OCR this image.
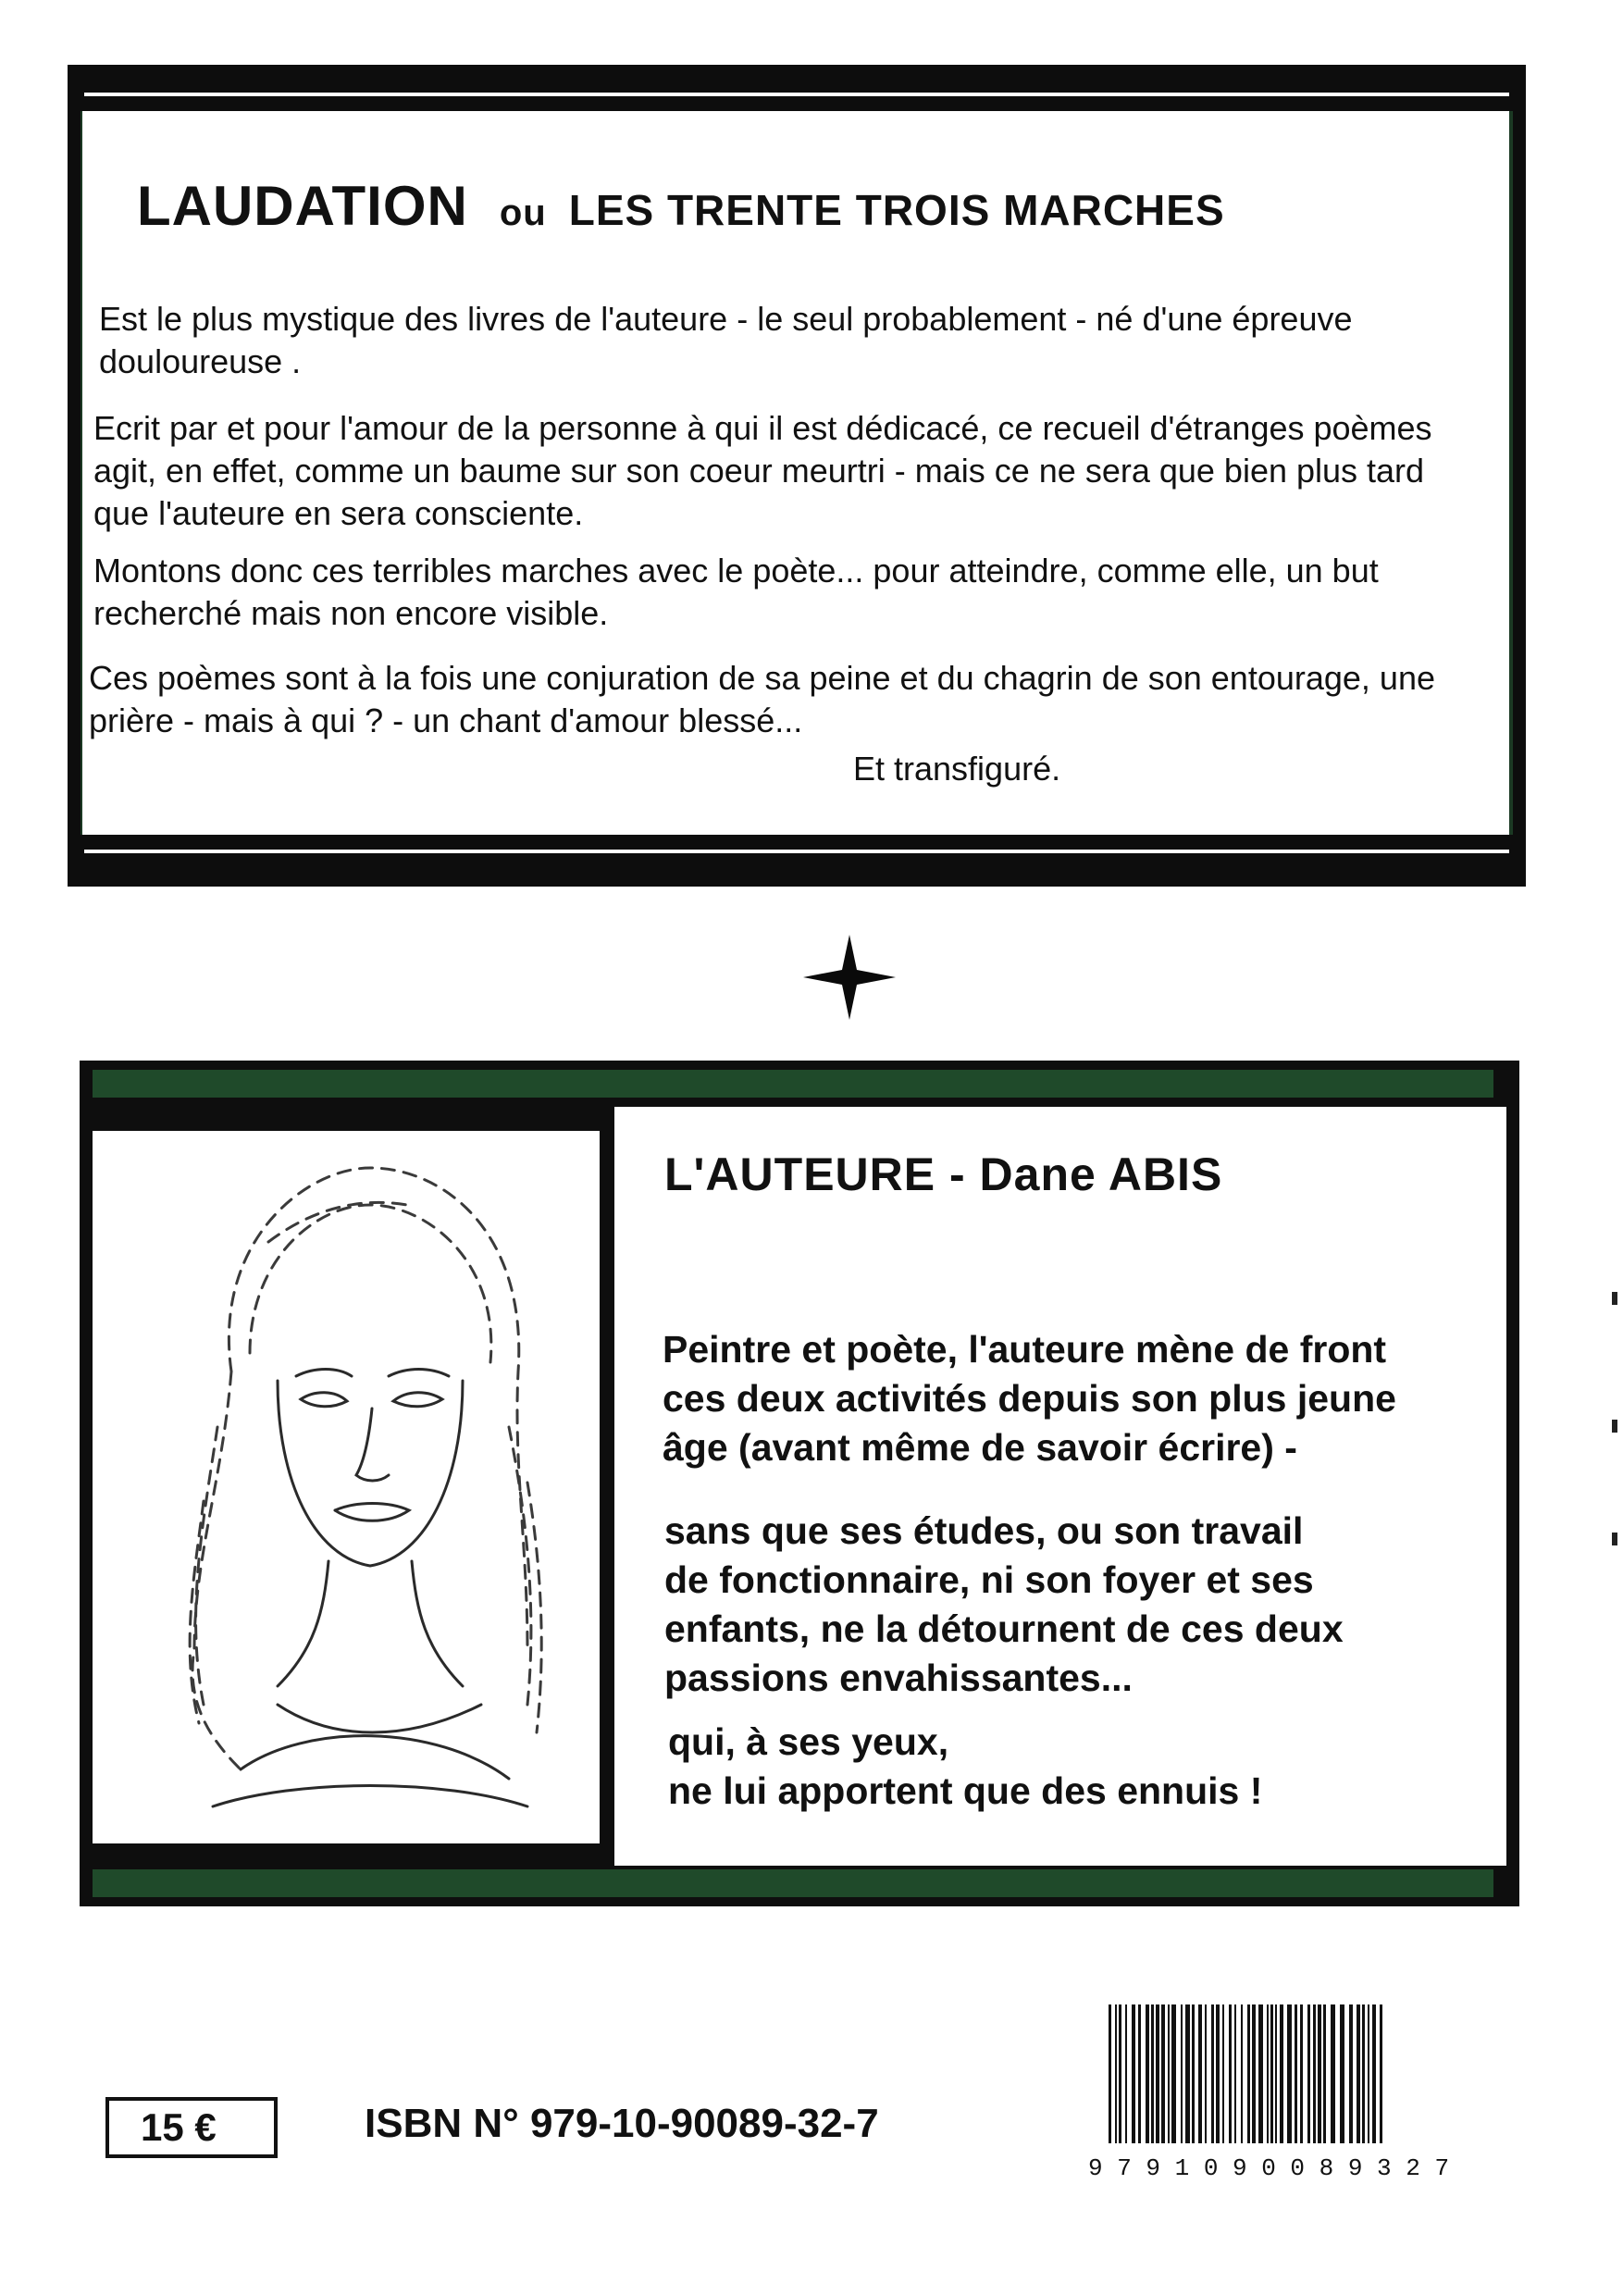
LAUDATION ou LES TRENTE TROIS MARCHES

Est le plus mystique des livres de l'auteure - le seul probablement - né d'une épreuve
douloureuse .

Ecrit par et pour l'amour de la personne à qui il est dédicacé, ce recueil d'étranges poèmes
agit, en effet, comme un baume sur son coeur meurtri - mais ce ne sera que bien plus tard
que l'auteure en sera consciente.

Montons donc ces terribles marches avec le poète... pour atteindre, comme elle, un but
recherché mais non encore visible.

Ces poèmes sont à la fois une conjuration de sa peine et du chagrin de son entourage, une
prière - mais à qui ? - un chant d'amour blessé...

Et transfiguré.

L'AUTEURE - Dane ABIS

Peintre et poète, l'auteure mène de front
ces deux activités depuis son plus jeune
âge (avant même de savoir écrire) -

sans que ses études, ou son travail
de fonctionnaire, ni son foyer et ses
enfants, ne la détournent de ces deux
passions envahissantes...

qui, à ses yeux,
ne lui apportent que des ennuis !

15 €	ISBN N° 979-10-90089-32-7

9 7 9 1 0 9 0 0 8 9 3 2 7
